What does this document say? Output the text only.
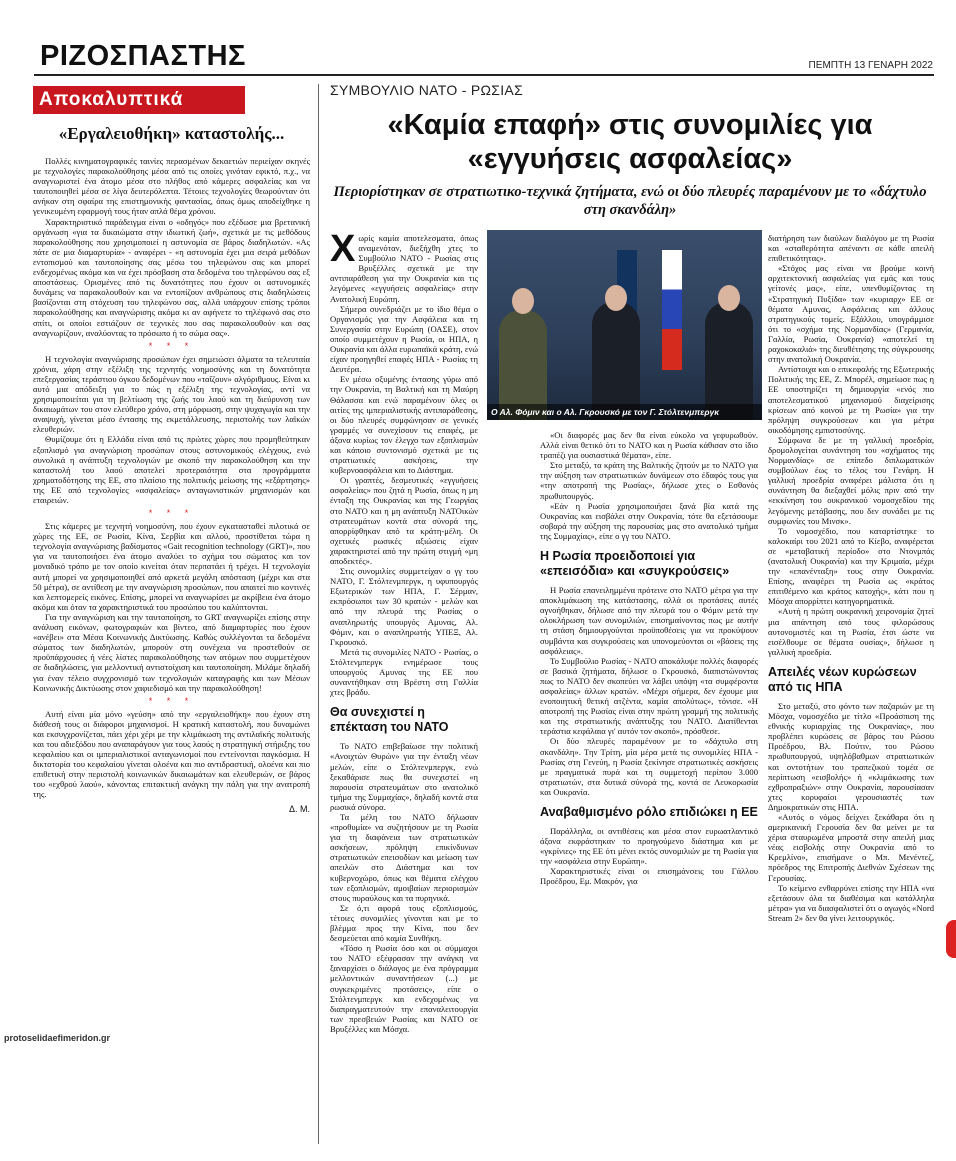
ΡΙΖΟΣΠΑΣΤΗΣ	ΠΕΜΠΤΗ 13 ΓΕΝΑΡΗ 2022
Αποκαλυπτικά
«Εργαλειοθήκη» καταστολής...

Πολλές κινηματογραφικές ταινίες περασμένων δεκαετιών περιείχαν σκηνές με τεχνολογίες παρακολούθησης μέσα από τις οποίες γινόταν εφικτό, π.χ., να αναγνωριστεί ένα άτομο μέσα στο πλήθος από κάμερες ασφαλείας και να ταυτοποιηθεί μέσα σε λίγα δευτερόλεπτα. Τέτοιες τεχνολογίες θεωρούνταν ότι ανήκαν στη σφαίρα της επιστημονικής φαντασίας, όπως όμως αποδείχθηκε η γενικευμένη εφαρμογή τους ήταν απλά θέμα χρόνου.

Χαρακτηριστικό παράδειγμα είναι ο «οδηγός» που εξέδωσε μια βρετανική οργάνωση «για τα δικαιώματα στην ιδιωτική ζωή», σχετικά με τις μεθόδους παρακολούθησης που χρησιμοποιεί η αστυνομία σε βάρος διαδηλωτών. «Ας πάτε σε μια διαμαρτυρία» - αναφέρει - «η αστυνομία έχει μια σειρά μεθόδων εντοπισμού και ταυτοποίησης σας μέσω του τηλεφώνου σας και μπορεί ενδεχομένως ακόμα και να έχει πρόσβαση στα δεδομένα του τηλεφώνου σας εξ αποστάσεως. Ορισμένες από τις δυνατότητες που έχουν οι αστυνομικές δυνάμεις να παρακολουθούν και να εντοπίζουν ανθρώπους στις διαδηλώσεις βασίζονται στη στόχευση του τηλεφώνου σας, αλλά υπάρχουν επίσης τρόποι παρακολούθησης και αναγνώρισης ακόμα κι αν αφήνετε το τηλέφωνό σας στο σπίτι, οι οποίοι εστιάζουν σε τεχνικές που σας παρακολουθούν και σας αναγνωρίζουν, αναλύοντας το πρόσωπο ή το σώμα σας».

* * *

Η τεχνολογία αναγνώρισης προσώπων έχει σημειώσει άλματα τα τελευταία χρόνια, χάρη στην εξέλιξη της τεχνητής νοημοσύνης και τη δυνατότητα επεξεργασίας τεράστιου όγκου δεδομένων που «ταΐζουν» αλγόριθμους. Είναι κι αυτό μια απόδειξη για το πώς η εξέλιξη της τεχνολογίας, αντί να χρησιμοποιείται για τη βελτίωση της ζωής του λαού και τη διεύρυνση των δικαιωμάτων του στον ελεύθερο χρόνο, στη μόρφωση, στην ψυχαγωγία και την αναψυχή, γίνεται μέσο έντασης της εκμετάλλευσης, περιστολής των λαϊκών ελευθεριών.

Θυμίζουμε ότι η Ελλάδα είναι από τις πρώτες χώρες που προμηθεύτηκαν εξοπλισμό για αναγνώριση προσώπων στους αστυνομικούς ελέγχους, ενώ συνολικά η ανάπτυξη τεχνολογιών με σκοπό την παρακολούθηση και την καταστολή του λαού αποτελεί προτεραιότητα στα προγράμματα χρηματοδότησης της ΕΕ, στο πλαίσιο της πολιτικής μείωσης της «εξάρτησης» της ΕΕ από τεχνολογίες «ασφαλείας» ανταγωνιστικών μηχανισμών και εταιρειών.

* * *

Στις κάμερες με τεχνητή νοημοσύνη, που έχουν εγκατασταθεί πιλοτικά σε χώρες της ΕΕ, σε Ρωσία, Κίνα, Σερβία και αλλού, προστίθεται τώρα η τεχνολογία αναγνώρισης βαδίσματος «Gait recognition technology (GRT)», που για να ταυτοποιήσει ένα άτομο αναλύει το σχήμα του σώματος και τον μοναδικό τρόπο με τον οποίο κινείται όταν περπατάει ή τρέχει. Η τεχνολογία αυτή μπορεί να χρησιμοποιηθεί από αρκετά μεγάλη απόσταση (μέχρι και στα 50 μέτρα), σε αντίθεση με την αναγνώριση προσώπων, που απαιτεί πιο κοντινές και λεπτομερείς εικόνες. Επίσης, μπορεί να αναγνωρίσει με ακρίβεια ένα άτομο ακόμα και όταν τα χαρακτηριστικά του προσώπου του καλύπτονται.

Για την αναγνώριση και την ταυτοποίηση, το GRT αναγνωρίζει επίσης στην ανάλυση εικόνων, φωτογραφιών και βίντεο, από διαμαρτυρίες που έχουν «ανέβει» στα Μέσα Κοινωνικής Δικτύωσης. Καθώς συλλέγονται τα δεδομένα σώματος των διαδηλωτών, μπορούν στη συνέχεια να προστεθούν σε προϋπάρχουσες ή νέες λίστες παρακολούθησης των ατόμων που συμμετέχουν σε διαδηλώσεις, για μελλοντική αντιστοίχιση και ταυτοποίηση. Μιλάμε δηλαδή για έναν τέλειο συγχρονισμό των τεχνολογιών καταγραφής και των Μέσων Κοινωνικής Δικτύωσης στον χαφιεδισμό και την παρακολούθηση!

* * *

Αυτή είναι μία μόνο «γεύση» από την «εργαλειοθήκη» που έχουν στη διάθεσή τους οι διάφοροι μηχανισμοί. Η κρατική καταστολή, που δυναμώνει και εκσυγχρονίζεται, πάει χέρι χέρι με την κλιμάκωση της αντιλαϊκής πολιτικής και του αδιεξόδου που αναπαράγουν για τους λαούς η στρατηγική στήριξης του κεφαλαίου και οι ιμπεριαλιστικοί ανταγωνισμοί που εντείνονται παγκόσμια. Η δικτατορία του κεφαλαίου γίνεται ολοένα και πιο αντιδραστική, ολοένα και πιο επιθετική στην περιστολή κοινωνικών δικαιωμάτων και ελευθεριών, σε βάρος του «εχθρού λαού», κάνοντας επιτακτική ανάγκη την πάλη για την ανατροπή της.

Δ. Μ.
protoselidaefimeridon.gr
ΣΥΜΒΟΥΛΙΟ ΝΑΤΟ - ΡΩΣΙΑΣ
«Καμία επαφή» στις συνομιλίες για «εγγυήσεις ασφαλείας»
Περιορίστηκαν σε στρατιωτικο-τεχνικά ζητήματα, ενώ οι δύο πλευρές παραμένουν με το «δάχτυλο στη σκανδάλη»
Ο Αλ. Φόμιν και ο Αλ. Γκρουσκό με τον Γ. Στόλτενμπεργκ

Χωρίς καμία αποτελεσματα, όπως αναμενόταν, διεξήχθη χτες το Συμβούλιο ΝΑΤΟ - Ρωσίας στις Βρυξέλλες σχετικά με την αντιπαράθεση για την Ουκρανία και τις λεγόμενες «εγγυήσεις ασφαλείας» στην Ανατολική Ευρώπη.

Σήμερα συνεδριάζει με το ίδιο θέμα ο Οργανισμός για την Ασφάλεια και τη Συνεργασία στην Ευρώπη (ΟΑΣΕ), στον οποίο συμμετέχουν η Ρωσία, οι ΗΠΑ, η Ουκρανία και άλλα ευρωπαϊκά κράτη, ενώ είχαν προηγηθεί επαφές ΗΠΑ - Ρωσίας τη Δευτέρα.

Εν μέσω οξυμένης έντασης γύρω από την Ουκρανία, τη Βαλτική και τη Μαύρη Θάλασσα και ενώ παραμένουν όλες οι αιτίες της ιμπεριαλιστικής αντιπαράθεσης, οι δύο πλευρές συμφώνησαν σε γενικές γραμμές να συνεχίσουν τις επαφές, με άξονα κυρίως τον έλεγχο των εξοπλισμών και κάποιο συντονισμό σχετικά με τις στρατιωτικές ασκήσεις, την κυβερνοασφάλεια και το Διάστημα.

Οι γραπτές, δεσμευτικές «εγγυήσεις ασφαλείας» που ζητά η Ρωσία, όπως η μη ένταξη της Ουκρανίας και της Γεωργίας στο ΝΑΤΟ και η μη ανάπτυξη ΝΑΤΟικών στρατευμάτων κοντά στα σύνορά της, απορρίφθηκαν από τα κράτη-μέλη. Οι σχετικές ρωσικές αξιώσεις είχαν χαρακτηριστεί από την πρώτη στιγμή «μη αποδεκτές».

Στις συνομιλίες συμμετείχαν ο γγ του ΝΑΤΟ, Γ. Στόλτενμπεργκ, η υφυπουργός Εξωτερικών των ΗΠΑ, Γ. Σέρμαν, εκπρόσωποι των 30 κρατών - μελών και από την πλευρά της Ρωσίας ο αναπληρωτής υπουργός Αμυνας, Αλ. Φόμιν, και ο αναπληρωτής ΥΠΕΞ, Αλ. Γκρουσκό.

Μετά τις συνομιλίες ΝΑΤΟ - Ρωσίας, ο Στόλτενμπεργκ ενημέρωσε τους υπουργούς Αμυνας της ΕΕ που συναντήθηκαν στη Βρέστη στη Γαλλία χτες βράδυ.

Θα συνεχιστεί η επέκταση του ΝΑΤΟ

Το ΝΑΤΟ επιβεβαίωσε την πολιτική «Ανοιχτών Θυρών» για την ένταξη νέων μελών, είπε ο Στόλτενμπεργκ, ενώ ξεκαθάρισε πως θα συνεχιστεί «η παρουσία στρατευμάτων στο ανατολικό τμήμα της Συμμαχίας», δηλαδή κοντά στα ρωσικά σύνορα.

Τα μέλη του ΝΑΤΟ δήλωσαν «προθυμία» να συζητήσουν με τη Ρωσία για τη διαφάνεια των στρατιωτικών ασκήσεων, πρόληψη επικίνδυνων στρατιωτικών επεισοδίων και μείωση των απειλών στο Διάστημα και τον κυβερνοχώρο, όπως και θέματα ελέγχου των εξοπλισμών, αμοιβαίων περιορισμών στους πυραύλους και τα πυρηνικά.

Σε ό,τι αφορά τους εξοπλισμούς, τέτοιες συνομιλίες γίνονται και με το βλέμμα προς την Κίνα, που δεν δεσμεύεται από καμία Συνθήκη.

«Τόσο η Ρωσία όσο και οι σύμμαχοι του ΝΑΤΟ εξέφρασαν την ανάγκη να ξαναρχίσει ο διάλογος με ένα πρόγραμμα μελλοντικών συναντήσεων (...) με συγκεκριμένες προτάσεις», είπε ο Στόλτενμπεργκ και ενδεχομένως να διαπραγματευτούν την επαναλειτουργία των πρεσβειών Ρωσίας και ΝΑΤΟ σε Βρυξέλλες και Μόσχα.

«Οι διαφορές μας δεν θα είναι εύκολο να γεφυρωθούν. Αλλά είναι θετικό ότι το ΝΑΤΟ και η Ρωσία κάθισαν στο ίδιο τραπέζι για ουσιαστικά θέματα», είπε.

Στο μεταξύ, τα κράτη της Βαλτικής ζητούν με το ΝΑΤΟ για την αύξηση των στρατιωτικών δυνάμεων στο έδαφός τους για «την αποτροπή της Ρωσίας», δήλωσε χτες ο Εσθονός πρωθυπουργός.

«Εάν η Ρωσία χρησιμοποιήσει ξανά βία κατά της Ουκρανίας και εισβάλει στην Ουκρανία, τότε θα εξετάσουμε σοβαρά την αύξηση της παρουσίας μας στο ανατολικό τμήμα της Συμμαχίας», είπε ο γγ του ΝΑΤΟ.

Η Ρωσία προειδοποιεί για «επεισόδια» και «συγκρούσεις»

Η Ρωσία επανειλημμένα πρότεινε στο ΝΑΤΟ μέτρα για την αποκλιμάκωση της κατάστασης, αλλά οι προτάσεις αυτές αγνοήθηκαν, δήλωσε από την πλευρά του ο Φόμιν μετά την ολοκλήρωση των συνομιλιών, επισημαίνοντας πως με αυτήν τη στάση δημιουργούνται προϋποθέσεις για να προκύψουν συμβάντα και συγκρούσεις και υπονομεύονται οι «βάσεις της ασφάλειας».

Το Συμβούλιο Ρωσίας - ΝΑΤΟ αποκάλυψε πολλές διαφορές σε βασικά ζητήματα, δήλωσε ο Γκρουσκό, διαπιστώνοντας πως το ΝΑΤΟ δεν σκοπεύει να λάβει υπόψη «τα συμφέροντα ασφαλείας» άλλων κρατών. «Μέχρι σήμερα, δεν έχουμε μια ενοποιητική θετική ατζέντα, καμία απολύτως», τόνισε. «Η αποτροπή της Ρωσίας είναι στην πρώτη γραμμή της πολιτικής και της στρατιωτικής ανάπτυξης του ΝΑΤΟ. Διατίθενται τεράστια κεφάλαια γι' αυτόν τον σκοπό», πρόσθεσε.

Οι δύο πλευρές παραμένουν με το «δάχτυλο στη σκανδάλη». Την Τρίτη, μία μέρα μετά τις συνομιλίες ΗΠΑ - Ρωσίας στη Γενεύη, η Ρωσία ξεκίνησε στρατιωτικές ασκήσεις με πραγματικά πυρά και τη συμμετοχή περίπου 3.000 στρατιωτών, στα δυτικά σύνορά της, κοντά σε Λευκορωσία και Ουκρανία.

Αναβαθμισμένο ρόλο επιδιώκει η ΕΕ

Παράλληλα, οι αντιθέσεις και μέσα στον ευρωατλαντικό άξονα εκφράστηκαν το προηγούμενο διάστημα και με «γκρίνιες» της ΕΕ ότι μένει εκτός συνομιλιών με τη Ρωσία για την «ασφάλεια στην Ευρώπη».

Χαρακτηριστικές είναι οι επισημάνσεις του Γάλλου Προέδρου, Εμ. Μακρόν, για

διατήρηση των διαύλων διαλόγου με τη Ρωσία και «σταθερότητα απέναντι σε κάθε απειλή επιθετικότητας».

«Στόχος μας είναι να βρούμε κοινή αρχιτεκτονική ασφαλείας για εμάς και τους γείτονές μας», είπε, υπενθυμίζοντας τη «Στρατηγική Πυξίδα» των «κυριαρχ» ΕΕ σε θέματα Αμυνας, Ασφάλειας και άλλους στρατηγικούς τομείς. Εξάλλου, υπογράμμισε ότι το «σχήμα της Νορμανδίας» (Γερμανία, Γαλλία, Ρωσία, Ουκρανία) «αποτελεί τη ραχοκοκαλιά» της διευθέτησης της σύγκρουσης στην ανατολική Ουκρανία.

Αντίστοιχα και ο επικεφαλής της Εξωτερικής Πολιτικής της ΕΕ, Ζ. Μπορέλ, σημείωσε πως η ΕΕ υποστηρίζει τη δημιουργία «ενός πιο αποτελεσματικού μηχανισμού διαχείρισης κρίσεων από κοινού με τη Ρωσία» για την πρόληψη συγκρούσεων και για μέτρα οικοδόμησης εμπιστοσύνης.

Σύμφωνα δε με τη γαλλική προεδρία, δρομολογείται συνάντηση του «σχήματος της Νορμανδίας» σε επίπεδο διπλωματικών συμβούλων έως το τέλος του Γενάρη. Η γαλλική προεδρία αναφέρει μάλιστα ότι η συνάντηση θα διεξαχθεί μόλις πριν από την «εκκίνηση του ουκρανικού νομοσχεδίου της λεγόμενης μετάβασης, που δεν συνάδει με τις συμφωνίες του Μινσκ».

Το νομοσχέδιο, που καταρτίστηκε το καλοκαίρι του 2021 από το Κίεβο, αναφέρεται σε «μεταβατική περίοδο» στο Ντονμπάς (ανατολική Ουκρανία) και την Κριμαία, μέχρι την «επανένταξη» τους στην Ουκρανία. Επίσης, αναφέρει τη Ρωσία ως «κράτος επιτιθέμενο και κράτος κατοχής», κάτι που η Μόσχα απορρίπτει κατηγορηματικά.

«Αυτή η πρώτη ουκρανική χειρονομία ζητεί μια απάντηση από τους φιλορώσους αυτονομιστές και τη Ρωσία, έτσι ώστε να εισέλθουμε σε θέματα ουσίας», δήλωσε η γαλλική προεδρία.

Απειλές νέων κυρώσεων από τις ΗΠΑ

Στο μεταξύ, στο φόντο των παζαριών με τη Μόσχα, νομοσχέδιο με τίτλο «Προάσπιση της εθνικής κυριαρχίας της Ουκρανίας», που προβλέπει κυρώσεις σε βάρος του Ρώσου Προέδρου, Βλ. Πούτιν, του Ρώσου πρωθυπουργού, υψηλόβαθμων στρατιωτικών και οντοτήτων του τραπεζικού τομέα σε περίπτωση «εισβολής» ή «κλιμάκωσης των εχθροπραξιών» στην Ουκρανία, παρουσίασαν χτες κορυφαίοι γερουσιαστές των Δημοκρατικών στις ΗΠΑ.

«Αυτός ο νόμος δείχνει ξεκάθαρα ότι η αμερικανική Γερουσία δεν θα μείνει με τα χέρια σταυρωμένα μπροστά στην απειλή μιας νέας εισβολής στην Ουκρανία από το Κρεμλίνο», επισήμανε ο Μπ. Μενέντεζ, πρόεδρος της Επιτροπής Διεθνών Σχέσεων της Γερουσίας.

Το κείμενο ενθαρρύνει επίσης την ΗΠΑ «να εξετάσουν όλα τα διαθέσιμα και κατάλληλα μέτρα» για να διασφαλιστεί ότι ο αγωγός «Nord Stream 2» δεν θα γίνει λειτουργικός.
